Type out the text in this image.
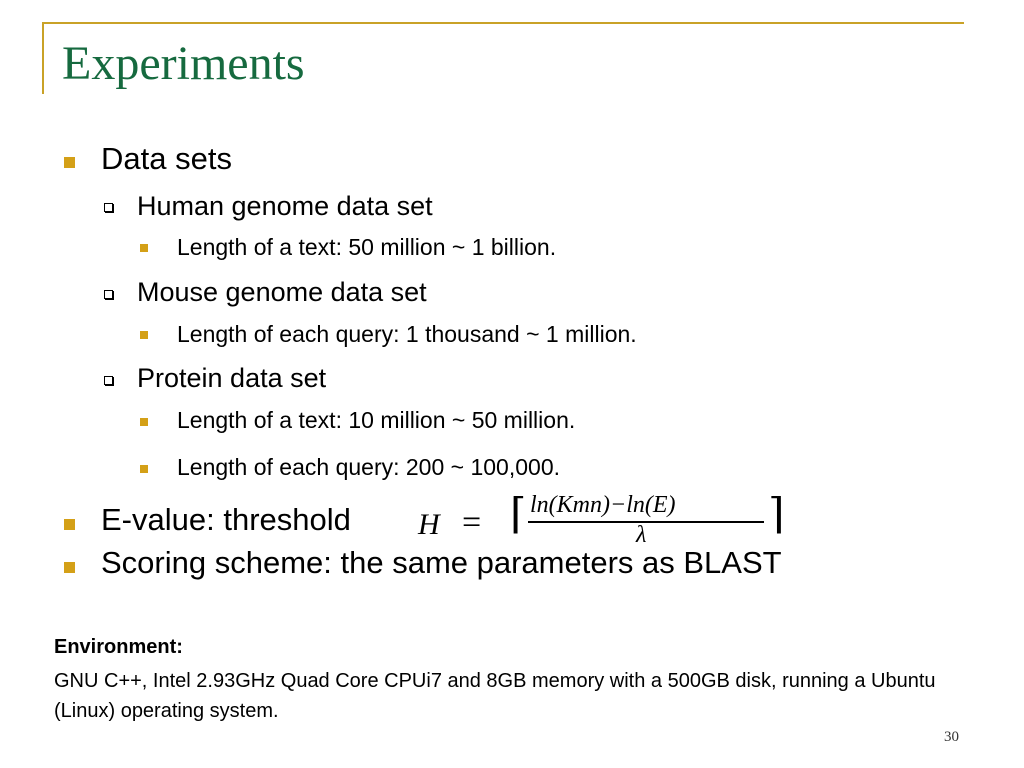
Experiments
Data sets
Human genome data set
Length of a text: 50 million ~ 1 billion.
Mouse genome data set
Length of each query: 1 thousand ~ 1 million.
Protein data set
Length of a text: 10 million ~ 50 million.
Length of each query: 200 ~ 100,000.
E-value: threshold H = ⌈ ln(Kmn)−ln(E)
λ	⌉
Scoring scheme: the same parameters as BLAST
Environment:
GNU C++, Intel 2.93GHz Quad Core CPUi7 and 8GB memory with a 500GB disk, running a Ubuntu (Linux) operating system.
30
